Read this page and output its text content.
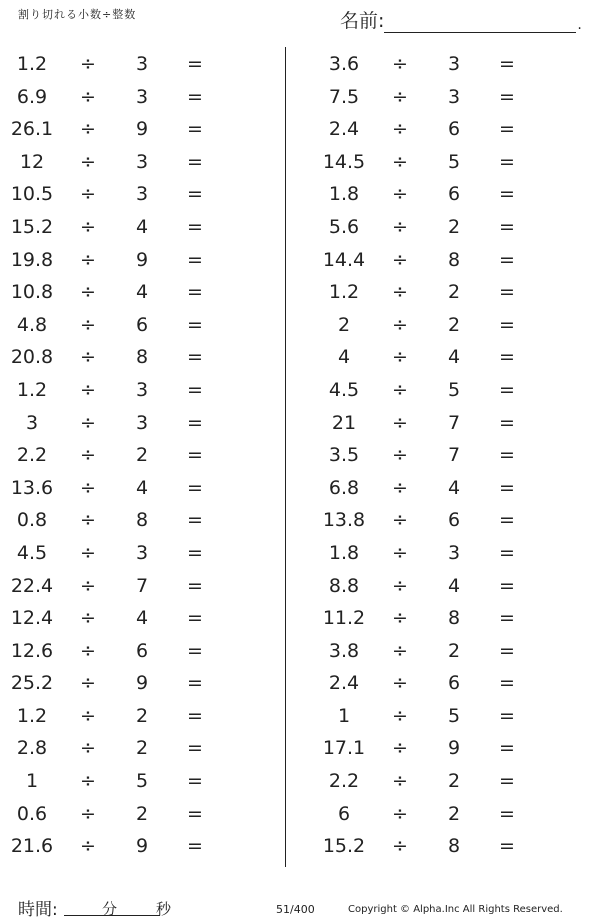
割り切れる小数÷整数	名前:	.
1.2	÷ 3 =
6.9	÷ 3 =
26.1	÷ 9 =
12	÷ 3 =
10.5	÷ 3 =
15.2	÷ 4 =
19.8	÷ 9 =
10.8	÷ 4 =
4.8	÷ 6 =
20.8	÷ 8 =
1.2	÷ 3 =
3	÷ 3 =
2.2	÷ 2 =
13.6	÷ 4 =
0.8	÷ 8 =
4.5	÷ 3 =
22.4	÷ 7 =
12.4	÷ 4 =
12.6	÷ 6 =
25.2	÷ 9 =
1.2	÷ 2 =
2.8	÷ 2 =
1	÷ 5 =
0.6	÷ 2 =
21.6	÷ 9 =
3.6	÷ 3 =
7.5	÷ 3 =
2.4	÷ 6 =
14.5	÷ 5 =
1.8	÷ 6 =
5.6	÷ 2 =
14.4	÷ 8 =
1.2	÷ 2 =
2	÷ 2 =
4	÷ 4 =
4.5	÷ 5 =
21	÷ 7 =
3.5	÷ 7 =
6.8	÷ 4 =
13.8	÷ 6 =
1.8	÷ 3 =
8.8	÷ 4 =
11.2	÷ 8 =
3.8	÷ 2 =
2.4	÷ 6 =
1	÷ 5 =
17.1	÷ 9 =
2.2	÷ 2 =
6	÷ 2 =
15.2	÷ 8 =
時間:	分	秒	51/400	Copyright © Alpha.Inc All Rights Reserved.
